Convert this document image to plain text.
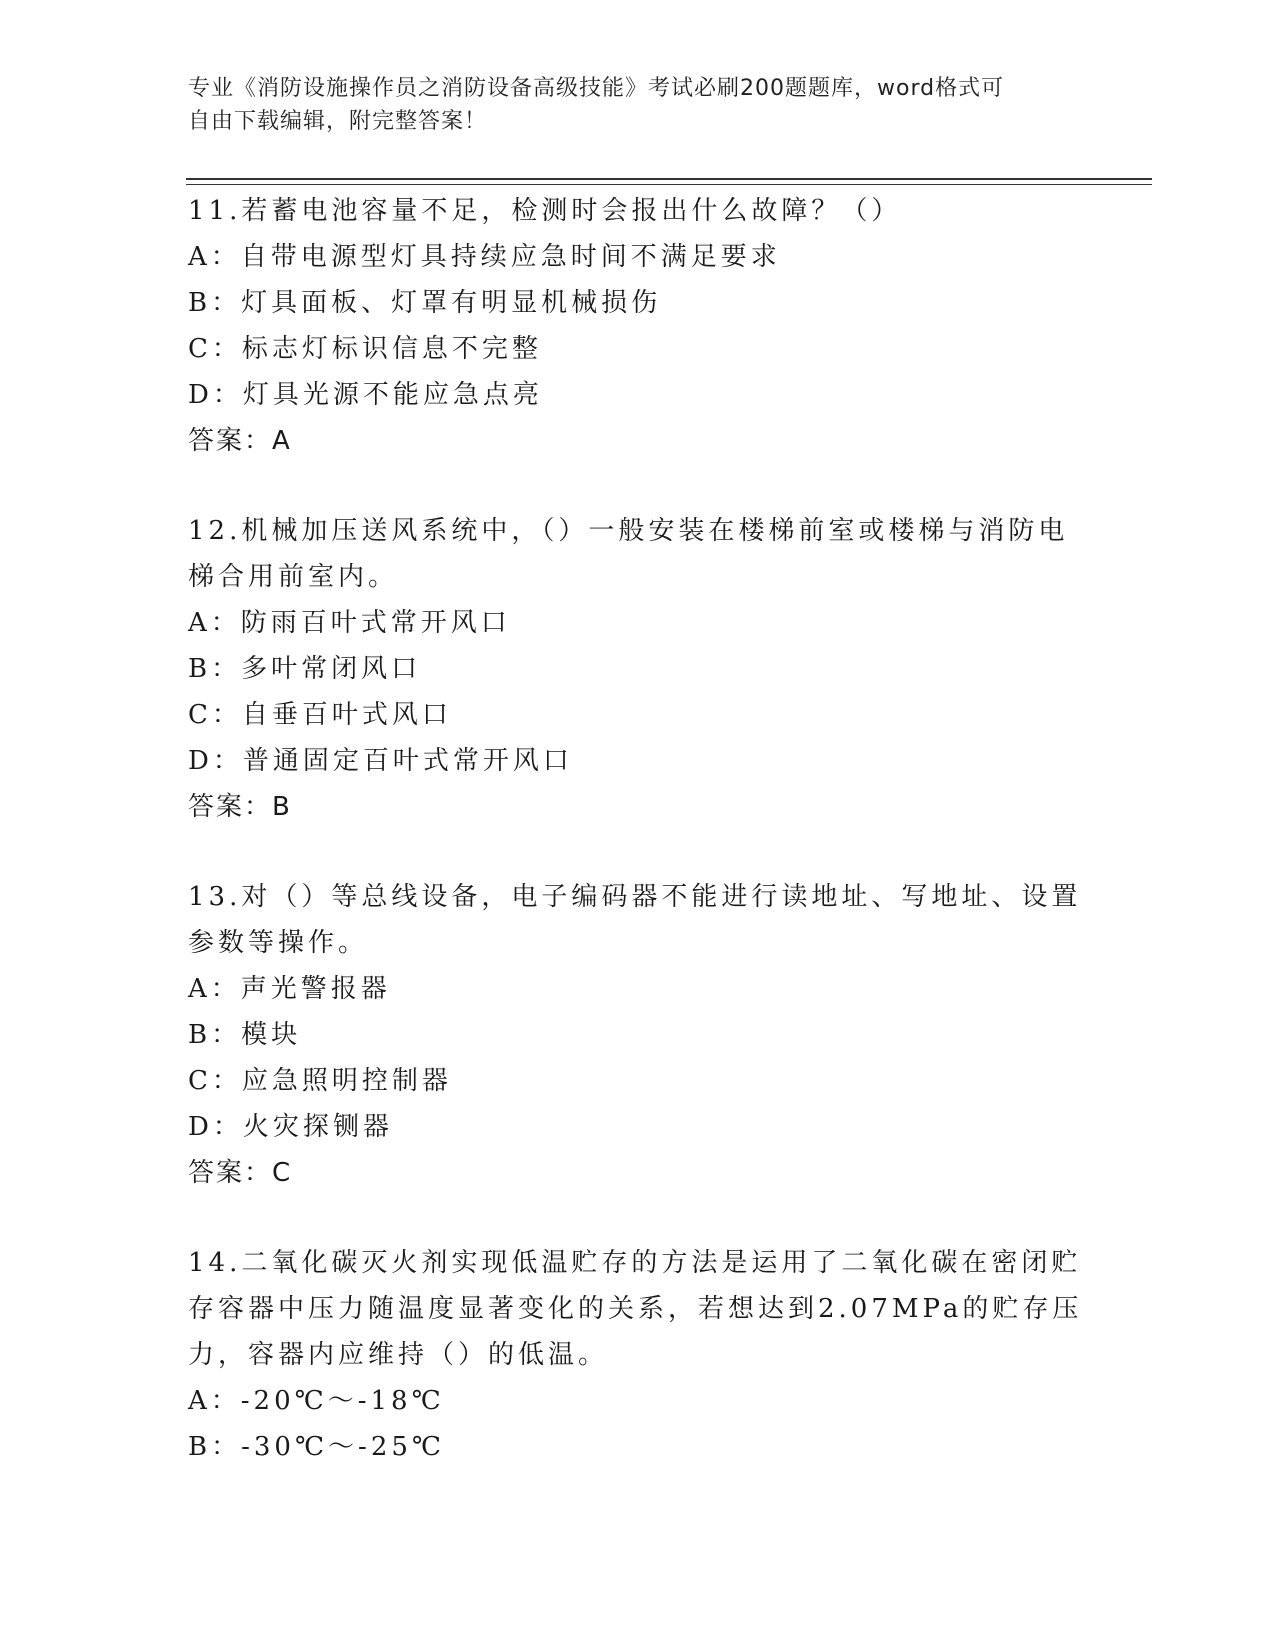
专业《消防设施操作员之消防设备高级技能》考试必刷200题题库，word格式可
自由下载编辑，附完整答案！
11.若蓄电池容量不足，检测时会报出什么故障？（）
A：自带电源型灯具持续应急时间不满足要求
B：灯具面板、灯罩有明显机械损伤
C：标志灯标识信息不完整
D：灯具光源不能应急点亮
答案：A
12.机械加压送风系统中，（）一般安装在楼梯前室或楼梯与消防电梯合用前室内。
A：防雨百叶式常开风口
B：多叶常闭风口
C：自垂百叶式风口
D：普通固定百叶式常开风口
答案：B
13.对（）等总线设备，电子编码器不能进行读地址、写地址、设置参数等操作。
A：声光警报器
B：模块
C：应急照明控制器
D：火灾探铡器
答案：C
14.二氧化碳灭火剂实现低温贮存的方法是运用了二氧化碳在密闭贮存容器中压力随温度显著变化的关系，若想达到2.07MPa的贮存压力，容器内应维持（）的低温。
A：-20℃～-18℃
B：-30℃～-25℃
